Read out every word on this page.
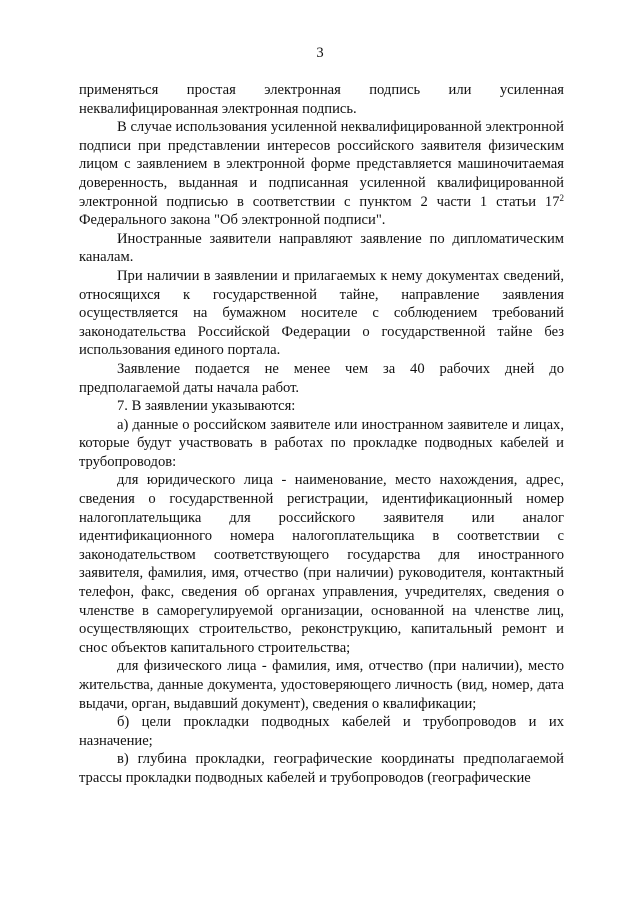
3

применяться простая электронная подпись или усиленная неквалифицированная электронная подпись.

В случае использования усиленной неквалифицированной электронной подписи при представлении интересов российского заявителя физическим лицом с заявлением в электронной форме представляется машиночитаемая доверенность, выданная и подписанная усиленной квалифицированной электронной подписью в соответствии с пунктом 2 части 1 статьи $17^2$ Федерального закона "Об электронной подписи".

Иностранные заявители направляют заявление по дипломатическим каналам.

При наличии в заявлении и прилагаемых к нему документах сведений, относящихся к государственной тайне, направление заявления осуществляется на бумажном носителе с соблюдением требований законодательства Российской Федерации о государственной тайне без использования единого портала.

Заявление подается не менее чем за 40 рабочих дней до предполагаемой даты начала работ.

7. В заявлении указываются:

а) данные о российском заявителе или иностранном заявителе и лицах, которые будут участвовать в работах по прокладке подводных кабелей и трубопроводов:

для юридического лица - наименование, место нахождения, адрес, сведения о государственной регистрации, идентификационный номер налогоплательщика для российского заявителя или аналог идентификационного номера налогоплательщика в соответствии с законодательством соответствующего государства для иностранного заявителя, фамилия, имя, отчество (при наличии) руководителя, контактный телефон, факс, сведения об органах управления, учредителях, сведения о членстве в саморегулируемой организации, основанной на членстве лиц, осуществляющих строительство, реконструкцию, капитальный ремонт и снос объектов капитального строительства;

для физического лица - фамилия, имя, отчество (при наличии), место жительства, данные документа, удостоверяющего личность (вид, номер, дата выдачи, орган, выдавший документ), сведения о квалификации;

б) цели прокладки подводных кабелей и трубопроводов и их назначение;

в) глубина прокладки, географические координаты предполагаемой трассы прокладки подводных кабелей и трубопроводов (географические
